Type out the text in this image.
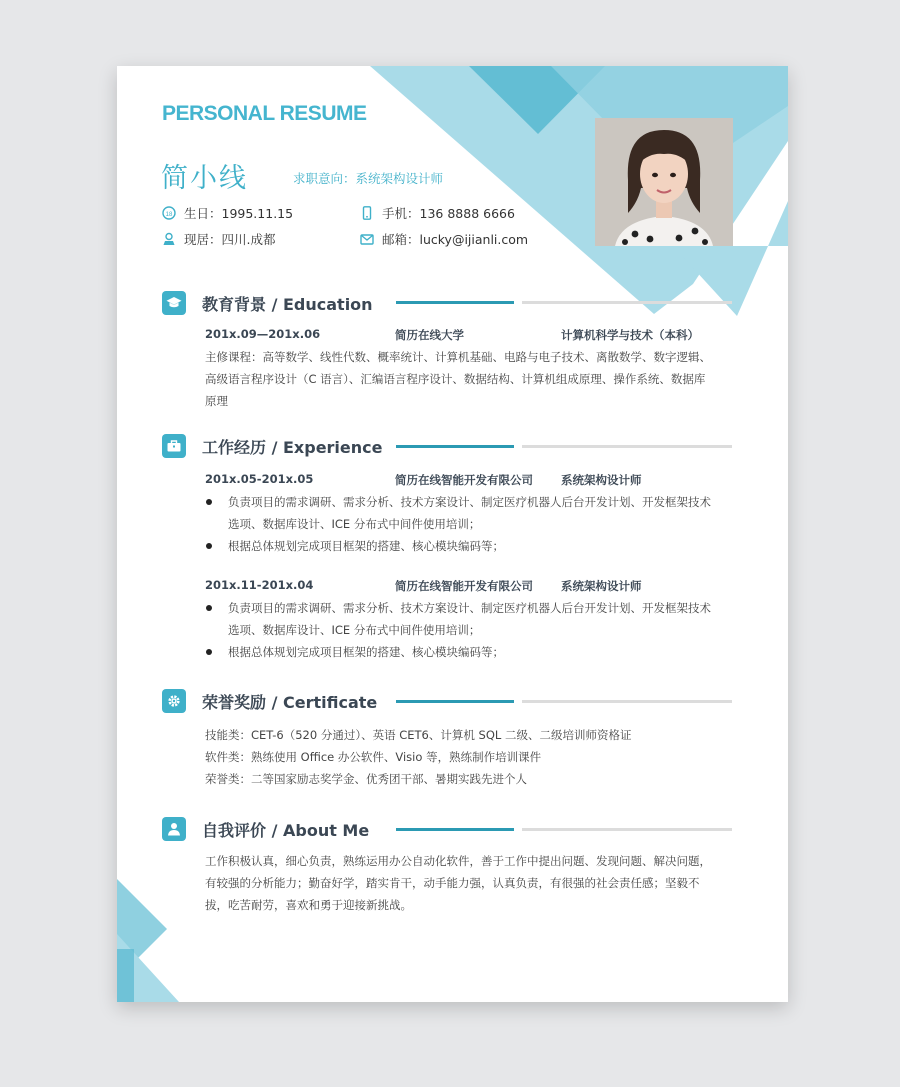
PERSONAL RESUME
简小线	求职意向：系统架构设计师
18 生日：1995.11.15	手机：136 8888 6666
现居：四川.成都	邮箱：lucky@ijianli.com
教育背景 / Education
201x.09—201x.06	简历在线大学	计算机科学与技术（本科）
主修课程：高等数学、线性代数、概率统计、计算机基础、电路与电子技术、离散数学、数字逻辑、
高级语言程序设计（C 语言）、汇编语言程序设计、数据结构、计算机组成原理、操作系统、数据库
原理
工作经历 / Experience
201x.05-201x.05	简历在线智能开发有限公司 系统架构设计师
负责项目的需求调研、需求分析、技术方案设计、制定医疗机器人后台开发计划、开发框架技术
选项、数据库设计、ICE 分布式中间件使用培训；
根据总体规划完成项目框架的搭建、核心模块编码等；
201x.11-201x.04	简历在线智能开发有限公司 系统架构设计师
负责项目的需求调研、需求分析、技术方案设计、制定医疗机器人后台开发计划、开发框架技术
选项、数据库设计、ICE 分布式中间件使用培训；
根据总体规划完成项目框架的搭建、核心模块编码等；
荣誉奖励 / Certificate
技能类：CET-6（520 分通过）、英语 CET6、计算机 SQL 二级、二级培训师资格证
软件类：熟练使用 Office 办公软件、Visio 等，熟练制作培训课件
荣誉类：二等国家励志奖学金、优秀团干部、暑期实践先进个人
自我评价 / About Me
工作积极认真，细心负责，熟练运用办公自动化软件，善于工作中提出问题、发现问题、解决问题，
有较强的分析能力；勤奋好学，踏实肯干，动手能力强，认真负责，有很强的社会责任感；坚毅不
拔，吃苦耐劳，喜欢和勇于迎接新挑战。
